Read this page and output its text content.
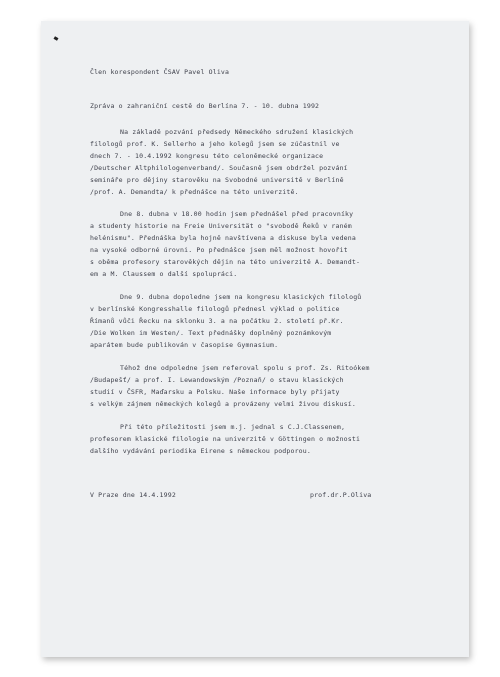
Člen korespondent ČSAV Pavel Oliva
Zpráva o zahraniční cestě do Berlína 7. - 10. dubna 1992
Na základě pozvání předsedy Německého sdružení klasických
filologů prof. K. Sellerho a jeho kolegů jsem se zúčastnil ve
dnech 7. - 10.4.1992 kongresu této celoněmecké organizace
/Deutscher Altphilologenverband/. Současně jsem obdržel pozvání
semináře pro dějiny starověku na Svobodné universitě v Berlíně
/prof. A. Demandta/ k přednášce na této univerzitě.
Dne 8. dubna v 18.00 hodin jsem přednášel před pracovníky
a studenty historie na Freie Universität o "svobodě Řeků v raném
helénismu". Přednáška byla hojně navštívena a diskuse byla vedena
na vysoké odborné úrovni. Po přednášce jsem měl možnost hovořit
s oběma profesory starověkých dějin na této univerzitě A. Demandt-
em a M. Claussem o další spolupráci.
Dne 9. dubna dopoledne jsem na kongresu klasických filologů
v berlínské Kongresshalle filologů přednesl výklad o politice
Římanů vůči Řecku na sklonku 3. a na počátku 2. století př.Kr.
/Die Wolken im Westen/. Text přednášky doplněný poznámkovým
aparátem bude publikován v časopise Gymnasium.
Téhož dne odpoledne jsem referoval spolu s prof. Zs. Ritoókem
/Budapešť/ a prof. I. Lewandowským /Poznaň/ o stavu klasických
studií v ČSFR, Maďarsku a Polsku. Naše informace byly přijaty
s velkým zájmem německých kolegů a provázeny velmi živou diskusí.
Při této příležitosti jsem m.j. jednal s C.J.Classenem,
profesorem klasické filologie na univerzitě v Göttingen o možnosti
dalšího vydávání periodika Eirene s německou podporou.
V Praze dne 14.4.1992	prof.dr.P.Oliva
